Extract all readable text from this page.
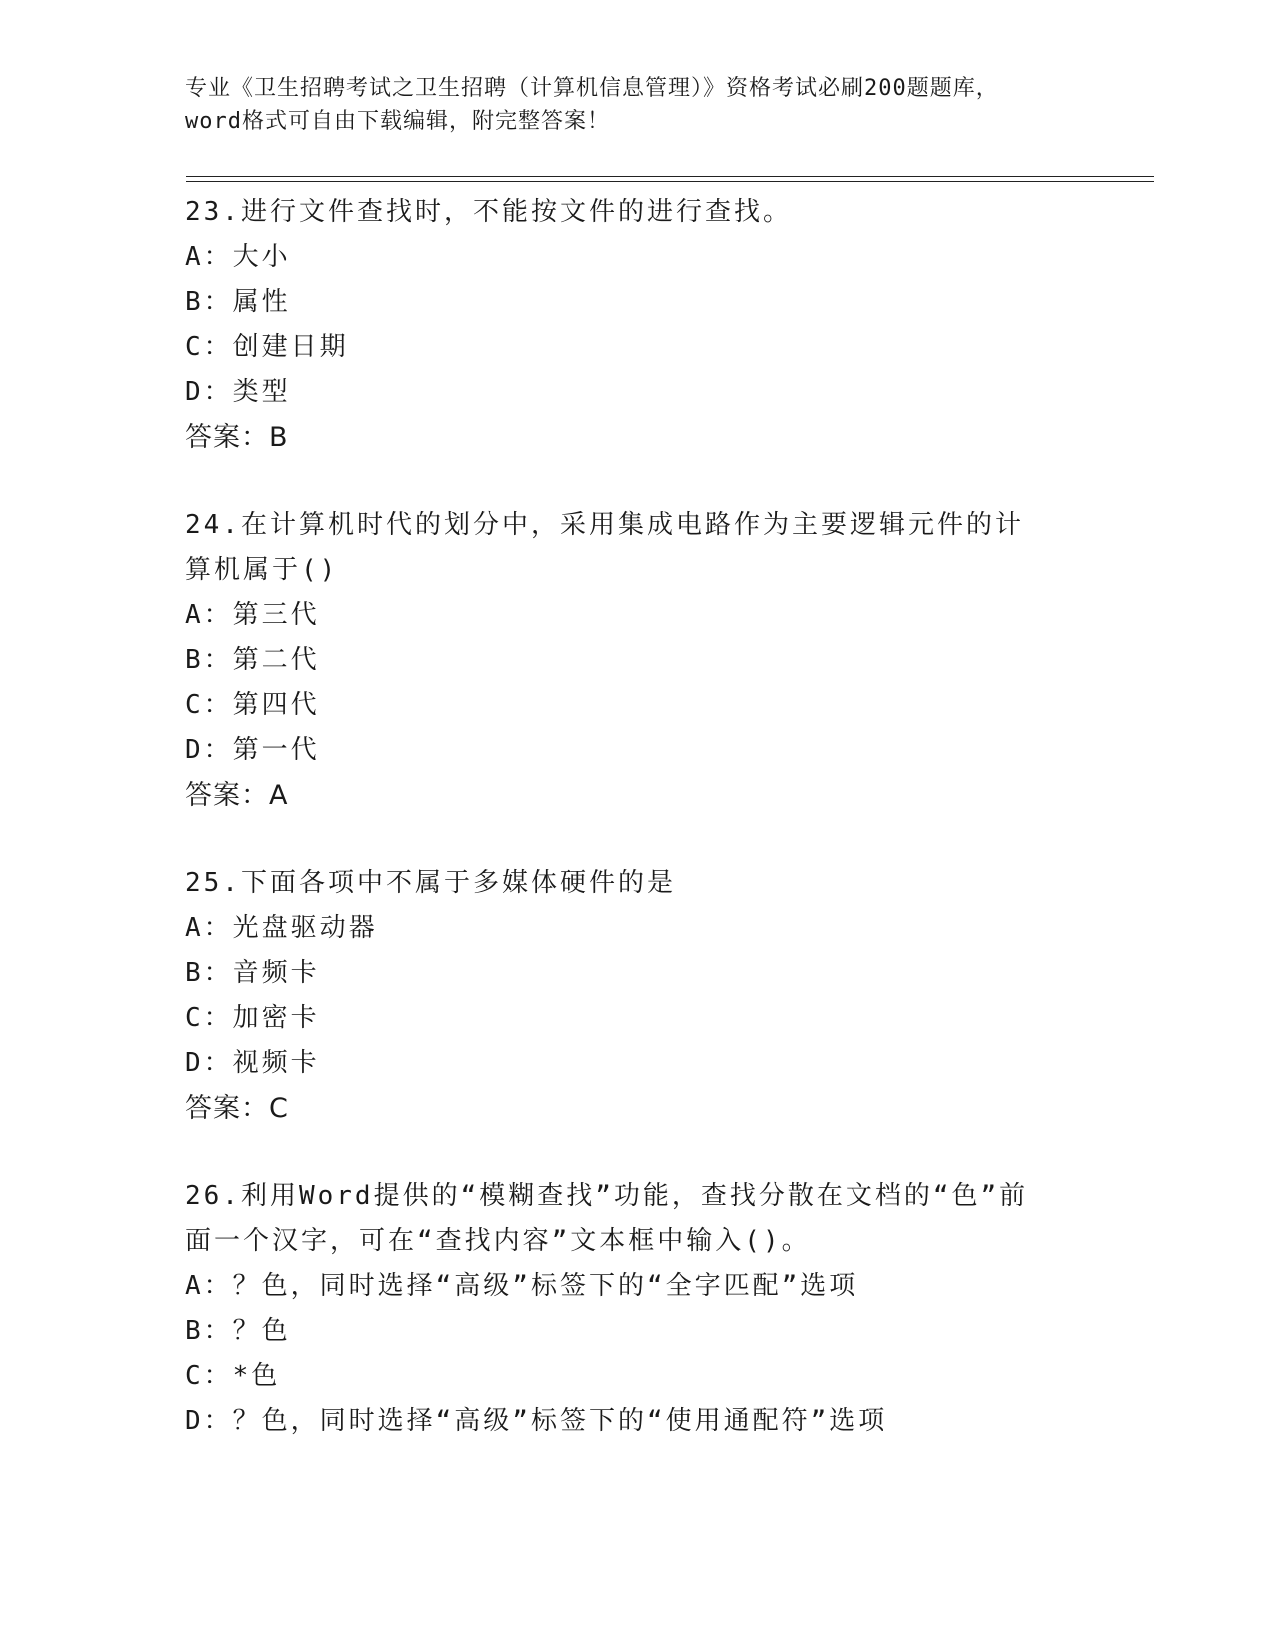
专业《卫生招聘考试之卫生招聘（计算机信息管理）》资格考试必刷200题题库，
word格式可自由下载编辑，附完整答案！
23.进行文件查找时，不能按文件的进行查找。
A：大小
B：属性
C：创建日期
D：类型
答案：B
24.在计算机时代的划分中，采用集成电路作为主要逻辑元件的计算机属于()
A：第三代
B：第二代
C：第四代
D：第一代
答案：A
25.下面各项中不属于多媒体硬件的是
A：光盘驱动器
B：音频卡
C：加密卡
D：视频卡
答案：C
26.利用Word提供的“模糊查找”功能，查找分散在文档的“色”前面一个汉字，可在“查找内容”文本框中输入()。
A：？色，同时选择“高级”标签下的“全字匹配”选项
B：？色
C：*色
D：？色，同时选择“高级”标签下的“使用通配符”选项
